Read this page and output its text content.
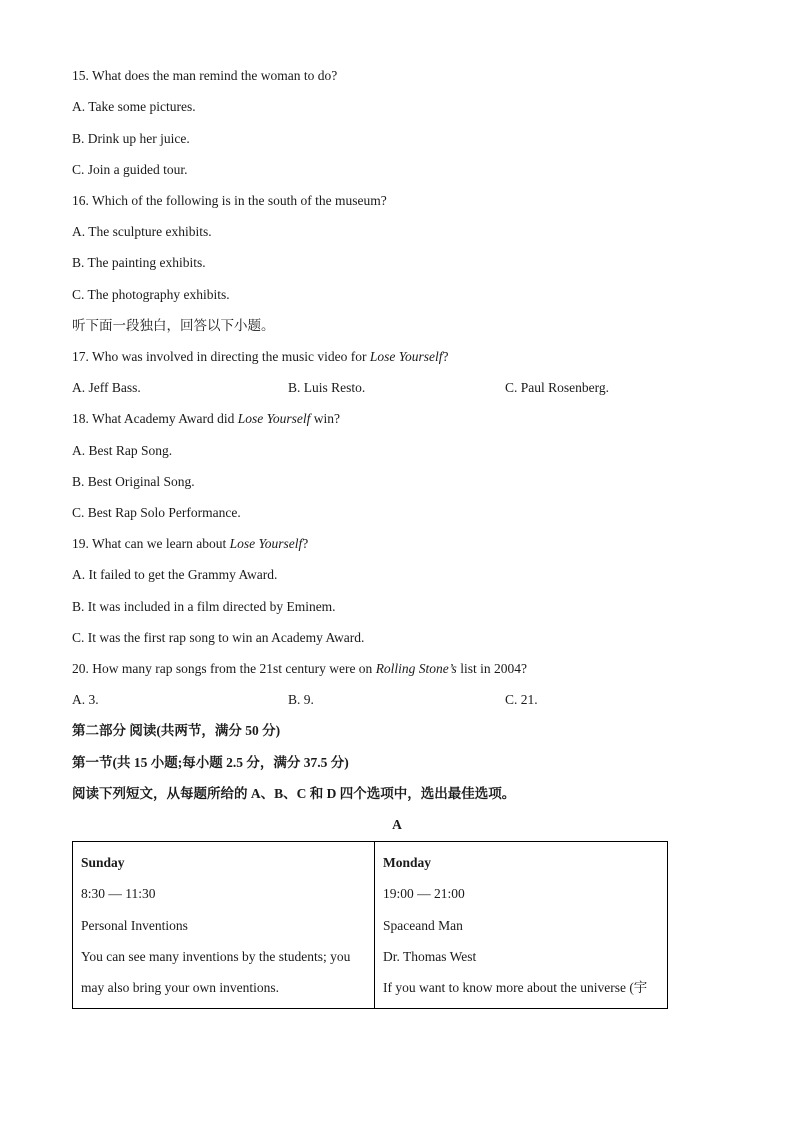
15. What does the man remind the woman to do?
A. Take some pictures.
B. Drink up her juice.
C. Join a guided tour.
16. Which of the following is in the south of the museum?
A. The sculpture exhibits.
B. The painting exhibits.
C. The photography exhibits.
听下面一段独白，回答以下小题。
17. Who was involved in directing the music video for Lose Yourself?
A. Jeff Bass.	B. Luis Resto.	C. Paul Rosenberg.
18. What Academy Award did Lose Yourself win?
A. Best Rap Song.
B. Best Original Song.
C. Best Rap Solo Performance.
19. What can we learn about Lose Yourself?
A. It failed to get the Grammy Award.
B. It was included in a film directed by Eminem.
C. It was the first rap song to win an Academy Award.
20. How many rap songs from the 21st century were on Rolling Stone’s list in 2004?
A. 3.	B. 9.	C. 21.
第二部分 阅读(共两节，满分 50 分)
第一节(共 15 小题;每小题 2.5 分，满分 37.5 分)
阅读下列短文，从每题所给的 A、B、C 和 D 四个选项中，选出最佳选项。
A
Sunday
8:30 — 11:30
Personal Inventions
You can see many inventions by the students; you
may also bring your own inventions.

Monday
19:00 — 21:00
Spaceand Man
Dr. Thomas West
If you want to know more about the universe (宇
